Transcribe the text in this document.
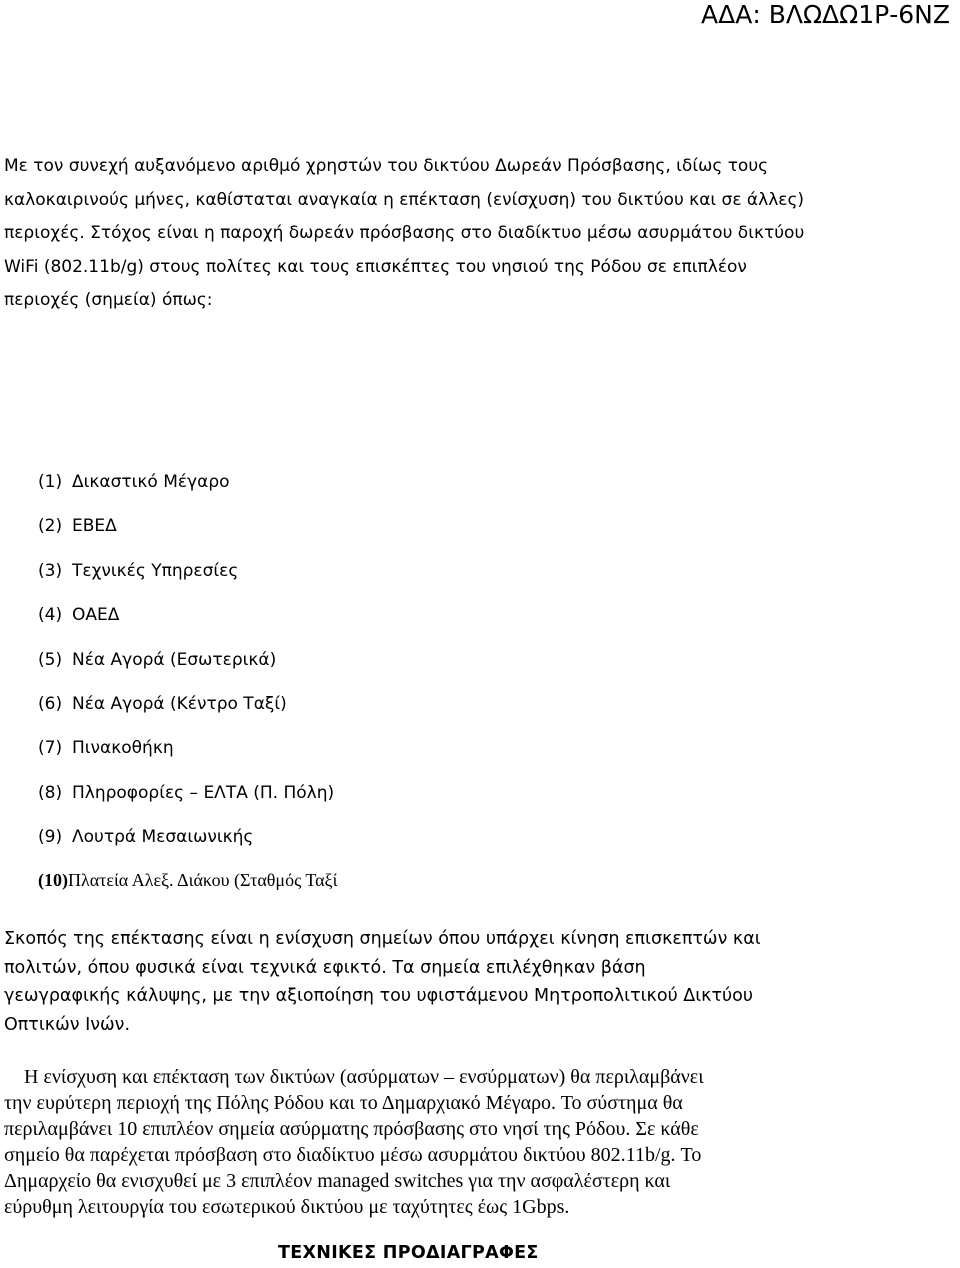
ΑΔΑ: ΒΛΩΔΩ1Ρ-6ΝΖ
Με τον συνεχή αυξανόμενο αριθμό χρηστών του δικτύου Δωρεάν Πρόσβασης, ιδίως τους
καλοκαιρινούς μήνες, καθίσταται αναγκαία η επέκταση (ενίσχυση) του δικτύου και σε άλλες)
περιοχές. Στόχος είναι η παροχή δωρεάν πρόσβασης στο διαδίκτυο μέσω ασυρμάτου δικτύου
WiFi (802.11b/g) στους πολίτες και τους επισκέπτες του νησιού της Ρόδου σε επιπλέον
περιοχές (σημεία) όπως:
(1) Δικαστικό Μέγαρο
(2) ΕΒΕΔ
(3) Τεχνικές Υπηρεσίες
(4) ΟΑΕΔ
(5) Νέα Αγορά (Εσωτερικά)
(6) Νέα Αγορά (Κέντρο Ταξί)
(7) Πινακοθήκη
(8) Πληροφορίες – ΕΛΤΑ (Π. Πόλη)
(9) Λουτρά Μεσαιωνικής
(10)Πλατεία Αλεξ. Διάκου (Σταθμός Ταξί
Σκοπός της επέκτασης είναι η ενίσχυση σημείων όπου υπάρχει κίνηση επισκεπτών και
πολιτών, όπου φυσικά είναι τεχνικά εφικτό. Τα σημεία επιλέχθηκαν βάση
γεωγραφικής κάλυψης, με την αξιοποίηση του υφιστάμενου Μητροπολιτικού Δικτύου
Οπτικών Ινών.
Η ενίσχυση και επέκταση των δικτύων (ασύρματων – ενσύρματων) θα περιλαμβάνει
την ευρύτερη περιοχή της Πόλης Ρόδου και το Δημαρχιακό Μέγαρο. Το σύστημα θα
περιλαμβάνει 10 επιπλέον σημεία ασύρματης πρόσβασης στο νησί της Ρόδου. Σε κάθε
σημείο θα παρέχεται πρόσβαση στο διαδίκτυο μέσω ασυρμάτου δικτύου 802.11b/g. Το
Δημαρχείο θα ενισχυθεί με 3 επιπλέον managed switches για την ασφαλέστερη και
εύρυθμη λειτουργία του εσωτερικού δικτύου με ταχύτητες έως 1Gbps.
ΤΕΧΝΙΚΕΣ ΠΡΟΔΙΑΓΡΑΦΕΣ
